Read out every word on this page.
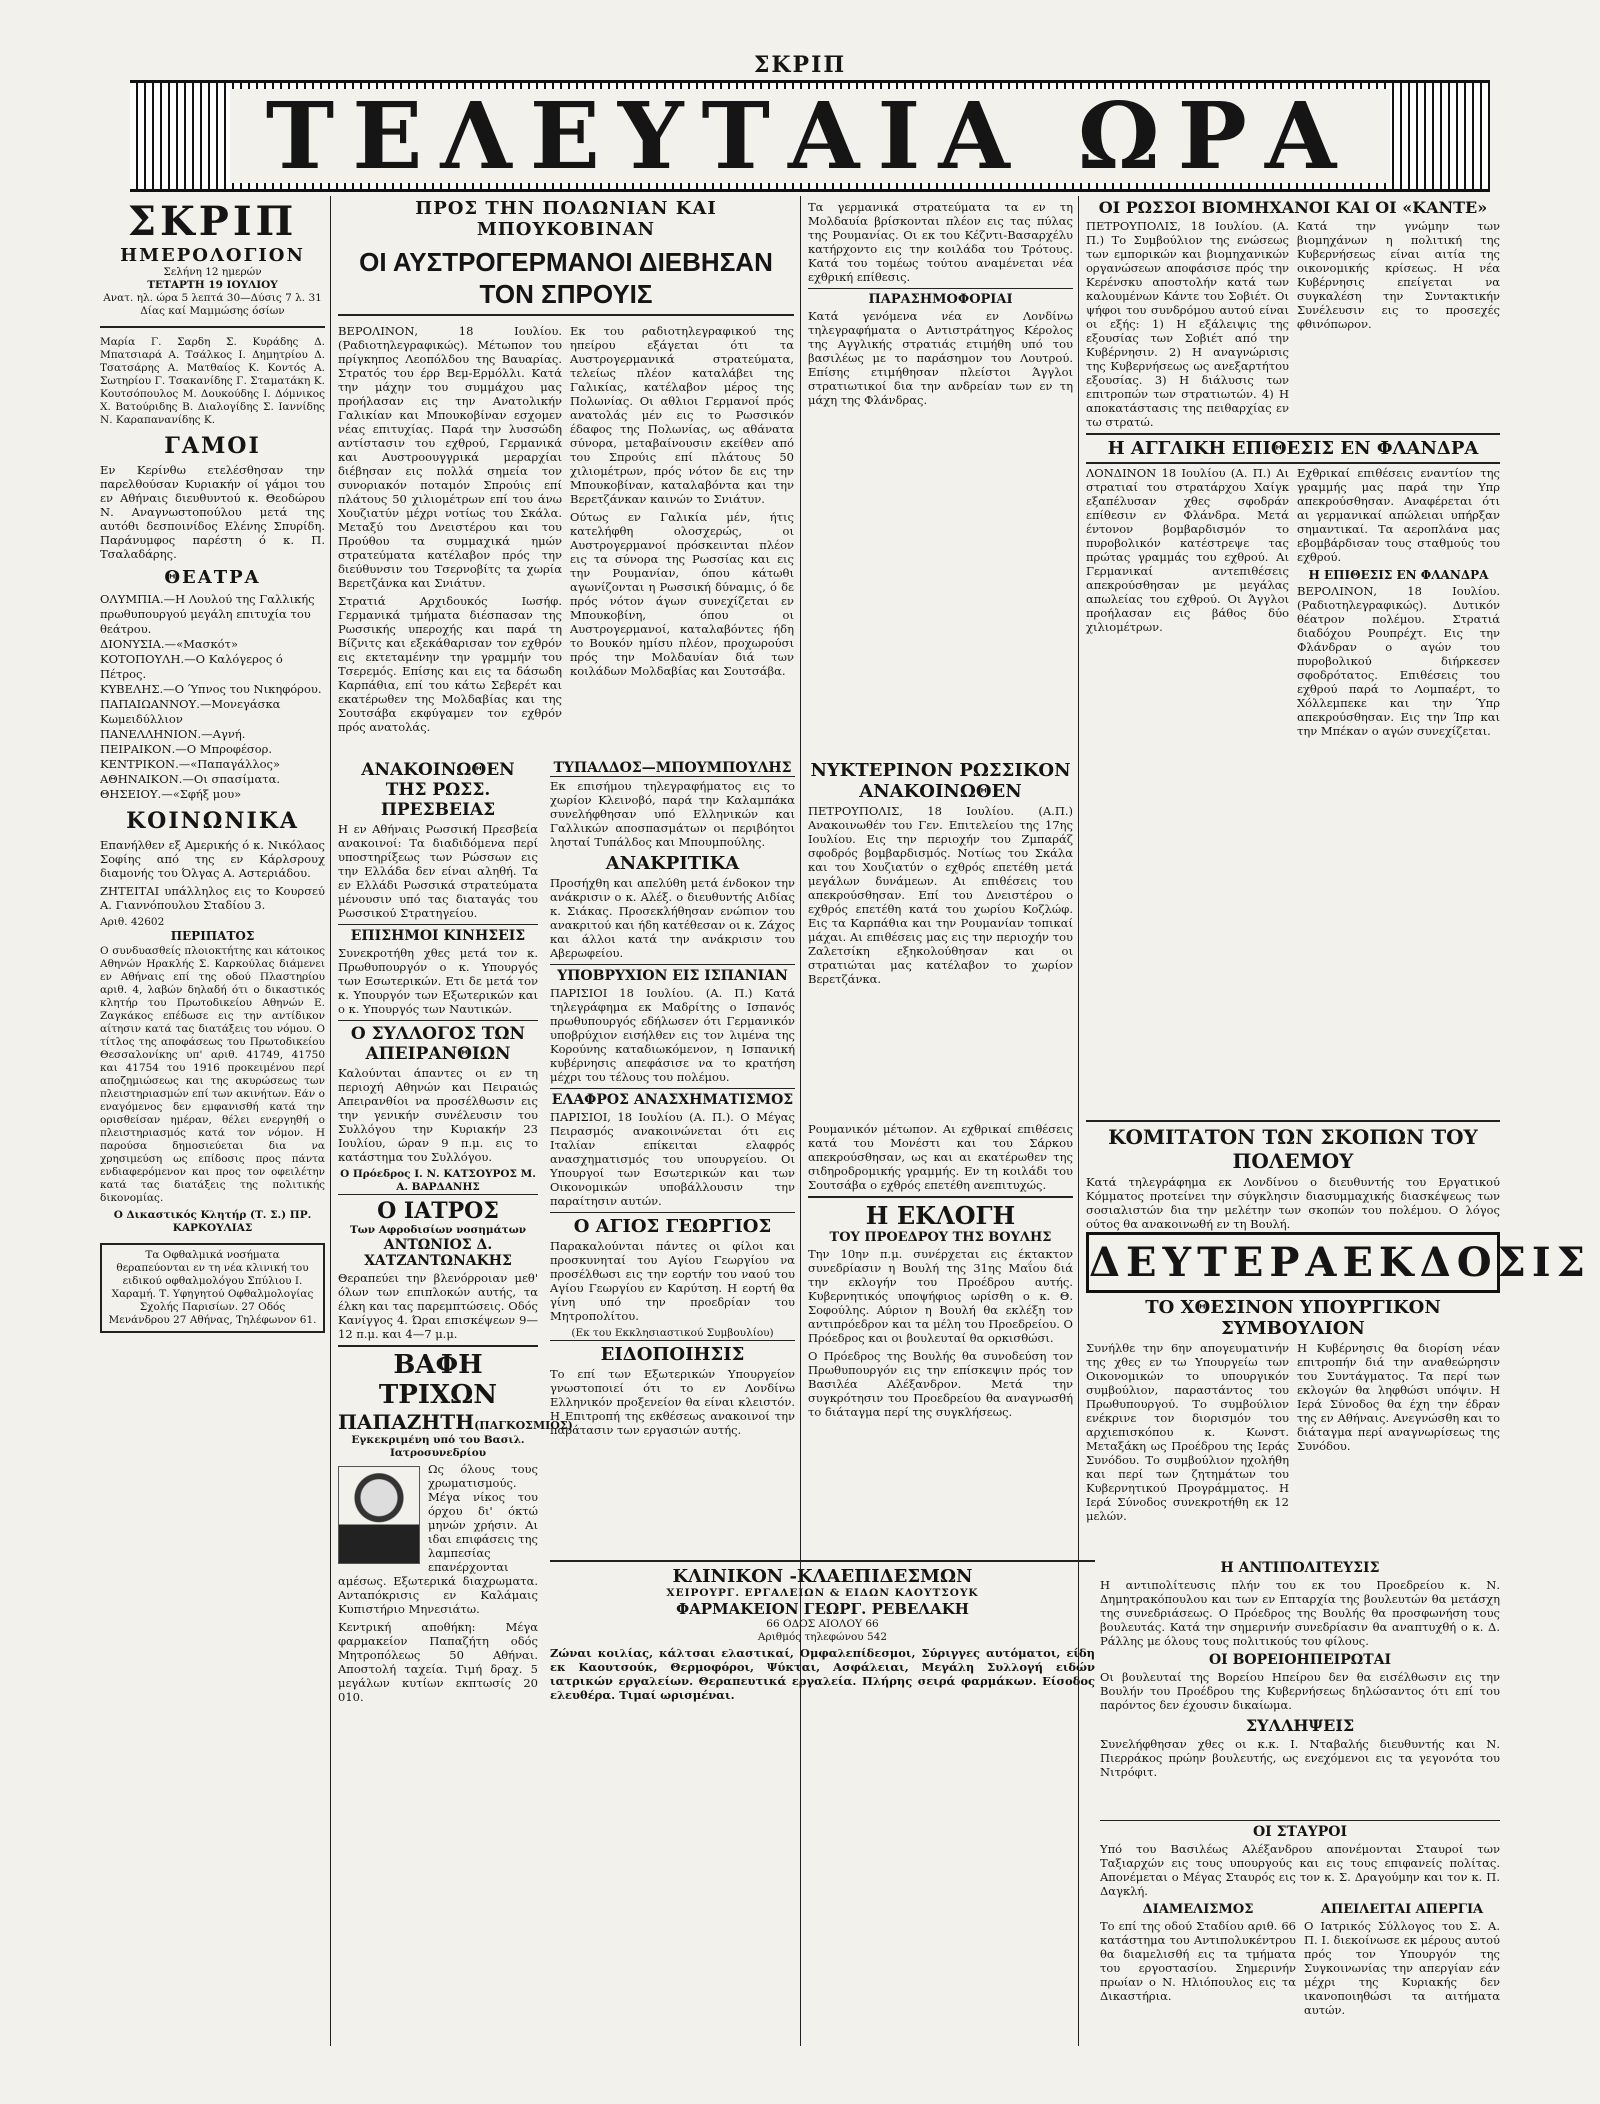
ΣΚΡΙΠ
ΤΕΛΕΥΤΑΙΑ ΩΡΑ
ΣΚΡΙΠ
ΗΜΕΡΟΛΟΓΙΟΝ
Σελήνη 12 ημερών
ΤΕΤΑΡΤΗ 19 ΙΟΥΛΙΟΥ
Ανατ. ηλ. ώρα 5 λεπτά 30—Δύσις 7 λ. 31
Δίας καί Μαμμώσης όσίων
Μαρία Γ. Σαρδη Σ. Κυράδης Δ. Μπατσιαρά Α. Τσάλκος Ι. Δημητρίου Δ. Τσατσάρης Α. Ματθαίος Κ. Κοντός Α. Σωτηρίου Γ. Τσακανίδης Γ. Σταματάκη Κ. Κουτσόπουλος Μ. Δουκούδης Ι. Δόμνικος Χ. Βατούριδης Β. Διαλογίδης Σ. Ιαννίδης Ν. Καραπανανίδης Κ.
ΓΑΜΟΙ
Εν Κερίνθω ετελέσθησαν την παρελθούσαν Κυριακήν οί γάμοι του εν Αθήναις διευθυντού κ. Θεοδώρου Ν. Αναγνωστοπούλου μετά της αυτόθι δεσποινίδος Ελένης Σπυρίδη. Παράνυμφος παρέστη ό κ. Π. Τσαλαδάρης.
ΘΕΑΤΡΑ
ΟΛΥΜΠΙΑ.—Η Λουλού της Γαλλικής πρωθυπουργού μεγάλη επιτυχία του θεάτρου.
ΔΙΟΝΥΣΙΑ.—«Μασκότ»
ΚΟΤΟΠΟΥΛΗ.—Ο Καλόγερος ό Πέτρος.
ΚΥΒΕΛΗΣ.—Ο Ύπνος του Νικηφόρου.
ΠΑΠΑΙΩΑΝΝΟΥ.—Μονεγάσκα Κωμειδύλλιον
ΠΑΝΕΛΛΗΝΙΟΝ.—Αγνή.
ΠΕΙΡΑΙΚΟΝ.—Ο Μπροφέσορ.
ΚΕΝΤΡΙΚΟΝ.—«Παπαγάλλος»
ΑΘΗΝΑΙΚΟΝ.—Οι σπασίματα.
ΘΗΣΕΙΟΥ.—«Σφήξ μου»
ΚΟΙΝΩΝΙΚΑ
Επανήλθεν εξ Αμερικής ό κ. Νικόλαος Σοφίης από της εν Κάρλσρουχ διαμονής του Όλγας Α. Αστεριάδου.
ΖΗΤΕΙΤΑΙ υπάλληλος εις το Κουρσεύ Α. Γιαννόπουλου Σταδίου 3.
Αριθ. 42602
ΠΕΡΙΠΑΤΟΣ
Ο συνδυασθείς πλοιοκτήτης και κάτοικος Αθηνών Ηρακλής Σ. Καρκούλας διάμενει εν Αθήναις επί της οδού Πλαστηρίου αριθ. 4, λαβών δηλαδή ότι ο δικαστικός κλητήρ του Πρωτοδικείου Αθηνών Ε. Ζαγκάκος επέδωσε εις την αντίδικον αίτησιν κατά τας διατάξεις του νόμου. Ο τίτλος της αποφάσεως του Πρωτοδικείου Θεσσαλονίκης υπ' αριθ. 41749, 41750 και 41754 του 1916 προκειμένου περί αποζημιώσεως και της ακυρώσεως των πλειστηριασμών επί των ακινήτων. Εάν ο εναγόμενος δεν εμφανισθή κατά την ορισθείσαν ημέραν, θέλει ενεργηθή ο πλειστηριασμός κατά τον νόμον. Η παρούσα δημοσιεύεται δια να χρησιμεύση ως επίδοσις προς πάντα ενδιαφερόμενον και προς τον οφειλέτην κατά τας διατάξεις της πολιτικής δικονομίας.
Ο Δικαστικός Κλητήρ (Τ. Σ.) ΠΡ. ΚΑΡΚΟΥΛΙΑΣ
Τα Οφθαλμικά νοσήματα θεραπεύονται εν τη νέα κλινική του ειδικού οφθαλμολόγου Σπύλιου Ι. Χαραμή. Τ. Υφηγητού Οφθαλμολογίας Σχολής Παρισίων. 27 Οδός Μενάνδρου 27 Αθήνας, Τηλέφωνον 61.
ΠΡΟΣ ΤΗΝ ΠΟΛΩΝΙΑΝ ΚΑΙ ΜΠΟΥΚΟΒΙΝΑΝ
ΟΙ ΑΥΣΤΡΟΓΕΡΜΑΝΟΙ ΔΙΕΒΗΣΑΝ ΤΟΝ ΣΠΡΟΥΙΣ
ΒΕΡΟΛΙΝΟΝ, 18 Ιουλίου. (Ραδιοτηλεγραφικώς). Μέτωπον του πρίγκηπος Λεοπόλδου της Βαυαρίας. Στρατός του έρρ Βεμ-Ερμόλλι. Κατά την μάχην του συμμάχου μας προήλασαν εις την Ανατολικήν Γαλικίαν και Μπουκοβίναν εσχομεν νέας επιτυχίας. Παρά την λυσσώδη αντίστασιν του εχθρού, Γερμανικά και Αυστροουγγρικά μεραρχίαι διέβησαν εις πολλά σημεία τον συνοριακόν ποταμόν Σπρούις επί πλάτους 50 χιλιομέτρων επί του άνω Χουζιατύν μέχρι νοτίως του Σκάλα. Μεταξύ του Δνειστέρου και του Προύθου τα συμμαχικά ημών στρατεύματα κατέλαβον πρός την διεύθυνσιν του Τσερνοβίτς τα χωρία Βερετζάνκα και Σνιάτυν.
Στρατιά Αρχιδουκός Ιωσήφ. Γερμανικά τμήματα διέσπασαν της Ρωσσικής υπεροχής και παρά τη Βίζνιτς και εξεκάθαρισαν τον εχθρόν εις εκτεταμένην την γραμμήν του Τσερεμός. Επίσης και εις τα δάσωδη Καρπάθια, επί του κάτω Σεβερέτ και εκατέρωθεν της Μολδαβίας και της Σουτσάβα εκφύγαμεν τον εχθρόν πρός ανατολάς.
Εκ του ραδιοτηλεγραφικού της ηπείρου εξάγεται ότι τα Αυστρογερμανικά στρατεύματα, τελείως πλέον καταλάβει της Γαλικίας, κατέλαβον μέρος της Πολωνίας. Οι αθλιοι Γερμανοί πρός ανατολάς μέν εις το Ρωσσικόν έδαφος της Πολωνίας, ως αθάνατα σύνορα, μεταβαίνουσιν εκείθεν από του Σπρούις επί πλάτους 50 χιλιομέτρων, πρός νότον δε εις την Μπουκοβίναν, καταλαβόντα και την Βερετζάνκαν καινών το Σνιάτυν.
Ούτως εν Γαλικία μέν, ήτις κατελήφθη ολοσχερώς, οι Αυστρογερμανοί πρόσκεινται πλέον εις τα σύνορα της Ρωσσίας και εις την Ρουμανίαν, όπου κάτωθι αγωνίζονται η Ρωσσική δύναμις, ό δε πρός νότον άγων συνεχίζεται εν Μπουκοβίνη, όπου οι Αυστρογερμανοί, καταλαβόντες ήδη το Βουκόν ημίσυ πλέον, προχωρούσι πρός την Μολδαυίαν διά των κοιλάδων Μολδαβίας και Σουτσάβα.
ΑΝΑΚΟΙΝΩΘΕΝ ΤΗΣ ΡΩΣΣ. ΠΡΕΣΒΕΙΑΣ
Η εν Αθήναις Ρωσσική Πρεσβεία ανακοινοί: Τα διαδιδόμενα περί υποστηρίξεως των Ρώσσων εις την Ελλάδα δεν είναι αληθή. Τα εν Ελλάδι Ρωσσικά στρατεύματα μένουσιν υπό τας διαταγάς του Ρωσσικού Στρατηγείου.
ΕΠΙΣΗΜΟΙ ΚΙΝΗΣΕΙΣ
Συνεκροτήθη χθες μετά τον κ. Πρωθυπουργόν ο κ. Υπουργός των Εσωτερικών. Ετι δε μετά τον κ. Υπουργόν των Εξωτερικών και ο κ. Υπουργός των Ναυτικών.
Ο ΣΥΛΛΟΓΟΣ ΤΩΝ ΑΠΕΙΡΑΝΘΙΩΝ
Καλούνται άπαντες οι εν τη περιοχή Αθηνών και Πειραιώς Απειρανθίοι να προσέλθωσιν εις την γενικήν συνέλευσιν του Συλλόγου την Κυριακήν 23 Ιουλίου, ώραν 9 π.μ. εις το κατάστημα του Συλλόγου.
Ο Πρόεδρος Ι. Ν. ΚΑΤΣΟΥΡΟΣ Μ. Α. ΒΑΡΔΑΝΗΣ
Ο ΙΑΤΡΟΣ
Των Αφροδισίων νοσημάτων
ΑΝΤΩΝΙΟΣ Δ. ΧΑΤΖΑΝΤΩΝΑΚΗΣ
Θεραπεύει την βλενόρροιαν μεθ' όλων των επιπλοκών αυτής, τα έλκη και τας παρεμπτώσεις. Οδός Κανίγγος 4. Ώραι επισκέψεων 9—12 π.μ. και 4—7 μ.μ.
ΒΑΦΗ ΤΡΙΧΩΝ
ΠΑΠΑΖΗΤΗ(ΠΑΓΚΟΣΜΙΟΣ)
Εγκεκριμένη υπό του Βασιλ. Ιατροσυνεδρίου
Ως όλους τους χρωματισμούς. Μέγα νίκος του όρχου δι' όκτώ μηνών χρήσιν. Αι ιδαι επιφάσεις της λαμπεσίας επανέρχονται αμέσως. Εξωτερικά διαχρωματα. Ανταπόκρισις εν Καλάμαις Κυπιστήριο Μηνεσιάτω.
Κεντρική αποθήκη: Μέγα φαρμακείον Παπαζήτη οδός Μητροπόλεως 50 Αθήναι. Αποστολή ταχεία. Τιμή δραχ. 5 μεγάλων κυτίων εκπτωσίς 20 010.
ΤΥΠΑΛΔΟΣ—ΜΠΟΥΜΠΟΥΛΗΣ
Εκ επισήμου τηλεγραφήματος εις το χωρίον Κλεινοβό, παρά την Καλαμπάκα συνελήφθησαν υπό Ελληνικών και Γαλλικών αποσπασμάτων οι περιβόητοι λησταί Τυπάλδος και Μπουμπούλης.
ΑΝΑΚΡΙΤΙΚΑ
Προσήχθη και απελύθη μετά ένδοκον την ανάκρισιν ο κ. Αλέξ. ο διευθυντής Αιδίας κ. Σιάκας. Προσεκλήθησαν ενώπιον του ανακριτού και ήδη κατέθεσαν οι κ. Ζάχος και άλλοι κατά την ανάκρισιν του Αβερωφείου.
ΥΠΟΒΡΥΧΙΟΝ ΕΙΣ ΙΣΠΑΝΙΑΝ
ΠΑΡΙΣΙΟΙ 18 Ιουλίου. (Α. Π.) Κατά τηλεγράφημα εκ Μαδρίτης ο Ισπανός πρωθυπουργός εδήλωσεν ότι Γερμανικόν υποβρύχιον εισήλθεν εις τον λιμένα της Κορούνης καταδιωκόμενον, η Ισπανική κυβέρνησις απεφάσισε να το κρατήση μέχρι του τέλους του πολέμου.
ΕΛΑΦΡΟΣ ΑΝΑΣΧΗΜΑΤΙΣΜΟΣ
ΠΑΡΙΣΙΟΙ, 18 Ιουλίου (Α. Π.). Ο Μέγας Πειρασμός ανακοινώνεται ότι εις Ιταλίαν επίκειται ελαφρός ανασχηματισμός του υπουργείου. Οι Υπουργοί των Εσωτερικών και των Οικονομικών υποβάλλουσιν την παραίτησιν αυτών.
Ο ΑΓΙΟΣ ΓΕΩΡΓΙΟΣ
Παρακαλούνται πάντες οι φίλοι και προσκυνηταί του Αγίου Γεωργίου να προσέλθωσι εις την εορτήν του ναού του Αγίου Γεωργίου εν Καρύτση. Η εορτή θα γίνη υπό την προεδρίαν του Μητροπολίτου.
(Εκ του Εκκλησιαστικού Συμβουλίου)
ΕΙΔΟΠΟΙΗΣΙΣ
Το επί των Εξωτερικών Υπουργείον γνωστοποιεί ότι το εν Λονδίνω Ελληνικόν προξενείον θα είναι κλειστόν. Η Επιτροπή της εκθέσεως ανακοινοί την παράτασιν των εργασιών αυτής.
ΚΛΙΝΙΚΟΝ -ΚΛΑΕΠΙΔΕΣΜΩΝ
ΧΕΙΡΟΥΡΓ. ΕΡΓΑΛΕΙΩΝ & ΕΙΔΩΝ ΚΑΟΥΤΣΟΥΚ
ΦΑΡΜΑΚΕΙΟΝ ΓΕΩΡΓ. ΡΕΒΕΛΑΚΗ
66 ΟΔΟΣ ΑΙΟΛΟΥ 66
Αριθμός τηλεφώνου 542
Ζώναι κοιλίας, κάλτσαι ελαστικαί, Ομφαλεπίδεσμοι, Σύριγγες αυτόματοι, είδη εκ Καουτσούκ, Θερμοφόροι, Ψύκται, Ασφάλειαι, Μεγάλη Συλλογή ειδών ιατρικών εργαλείων. Θεραπευτικά εργαλεία. Πλήρης σειρά φαρμάκων. Είσοδος ελευθέρα. Τιμαί ωρισμέναι.
Τα γερμανικά στρατεύματα τα εν τη Μολδαυία βρίσκονται πλέον εις τας πύλας της Ρουμανίας. Οι εκ του Κέζντι-Βασαρχέλυ κατήρχοντο εις την κοιλάδα του Τρότους. Κατά του τομέως τούτου αναμένεται νέα εχθρική επίθεσις.
ΠΑΡΑΣΗΜΟΦΟΡΙΑΙ
Κατά γενόμενα νέα εν Λονδίνω τηλεγραφήματα ο Αντιστράτηγος Κέρολος της Αγγλικής στρατιάς ετιμήθη υπό του βασιλέως με το παράσημον του Λουτρού. Επίσης ετιμήθησαν πλείστοι Άγγλοι στρατιωτικοί δια την ανδρείαν των εν τη μάχη της Φλάνδρας.
ΝΥΚΤΕΡΙΝΟΝ ΡΩΣΣΙΚΟΝ ΑΝΑΚΟΙΝΩΘΕΝ
ΠΕΤΡΟΥΠΟΛΙΣ, 18 Ιουλίου. (Α.Π.) Ανακοινωθέν του Γεν. Επιτελείου της 17ης Ιουλίου. Εις την περιοχήν του Ζμπαράζ σφοδρός βομβαρδισμός. Νοτίως του Σκάλα και του Χουζιατύν ο εχθρός επετέθη μετά μεγάλων δυνάμεων. Αι επιθέσεις του απεκρούσθησαν. Επί του Δνειστέρου ο εχθρός επετέθη κατά του χωρίου Κοζλώφ. Εις τα Καρπάθια και την Ρουμανίαν τοπικαί μάχαι. Αι επιθέσεις μας εις την περιοχήν του Ζαλετσίκη εξηκολούθησαν και οι στρατιώται μας κατέλαβον το χωρίον Βερετζάνκα.
Ρουμανικόν μέτωπον. Αι εχθρικαί επιθέσεις κατά του Μονέστι και του Σάρκου απεκρούσθησαν, ως και αι εκατέρωθεν της σιδηροδρομικής γραμμής. Εν τη κοιλάδι του Σουτσάβα ο εχθρός επετέθη ανεπιτυχώς.
Η ΕΚΛΟΓΗ
ΤΟΥ ΠΡΟΕΔΡΟΥ ΤΗΣ ΒΟΥΛΗΣ
Την 10ην π.μ. συνέρχεται εις έκτακτον συνεδρίασιν η Βουλή της 31ης Μαΐου διά την εκλογήν του Προέδρου αυτής. Κυβερνητικός υποψήφιος ωρίσθη ο κ. Θ. Σοφούλης. Αύριον η Βουλή θα εκλέξη τον αντιπρόεδρον και τα μέλη του Προεδρείου. Ο Πρόεδρος και οι βουλευταί θα ορκισθώσι.
Ο Πρόεδρος της Βουλής θα συνοδεύση τον Πρωθυπουργόν εις την επίσκεψιν πρός τον Βασιλέα Αλέξανδρον. Μετά την συγκρότησιν του Προεδρείου θα αναγνωσθή το διάταγμα περί της συγκλήσεως.
ΟΙ ΡΩΣΣΟΙ ΒΙΟΜΗΧΑΝΟΙ ΚΑΙ ΟΙ «ΚΑΝΤΕ»
ΠΕΤΡΟΥΠΟΛΙΣ, 18 Ιουλίου. (Α. Π.) Το Συμβούλιον της ενώσεως των εμπορικών και βιομηχανικών οργανώσεων αποφάσισε πρός την Κερένσκυ αποστολήν κατά των καλουμένων Κάντε του Σοβιέτ. Οι ψήφοι του συνδρόμου αυτού είναι οι εξής: 1) Η εξάλειψις της εξουσίας των Σοβιέτ από την Κυβέρνησιν. 2) Η αναγνώρισις της Κυβερνήσεως ως ανεξαρτήτου εξουσίας. 3) Η διάλυσις των επιτροπών των στρατιωτών. 4) Η αποκατάστασις της πειθαρχίας εν τω στρατώ.
Κατά την γνώμην των βιομηχάνων η πολιτική της Κυβερνήσεως είναι αιτία της οικονομικής κρίσεως. Η νέα Κυβέρνησις επείγεται να συγκαλέση την Συντακτικήν Συνέλευσιν εις το προσεχές φθινόπωρον.
Η ΑΓΓΛΙΚΗ ΕΠΙΘΕΣΙΣ ΕΝ ΦΛΑΝΔΡΑ
ΛΟΝΔΙΝΟΝ 18 Ιουλίου (Α. Π.) Αι στρατιαί του στρατάρχου Χαίγκ εξαπέλυσαν χθες σφοδράν επίθεσιν εν Φλάνδρα. Μετά έντονον βομβαρδισμόν το πυροβολικόν κατέστρεψε τας πρώτας γραμμάς του εχθρού. Αι Γερμανικαί αντεπιθέσεις απεκρούσθησαν με μεγάλας απωλείας του εχθρού. Οι Άγγλοι προήλασαν εις βάθος δύο χιλιομέτρων.
Εχθρικαί επιθέσεις εναντίον της γραμμής μας παρά την Υπρ απεκρούσθησαν. Αναφέρεται ότι αι γερμανικαί απώλειαι υπήρξαν σημαντικαί. Τα αεροπλάνα μας εβομβάρδισαν τους σταθμούς του εχθρού.
Η ΕΠΙΘΕΣΙΣ ΕΝ ΦΛΑΝΔΡΑ
ΒΕΡΟΛΙΝΟΝ, 18 Ιουλίου. (Ραδιοτηλεγραφικώς). Δυτικόν θέατρον πολέμου. Στρατιά διαδόχου Ρουπρέχτ. Εις την Φλάνδραν ο αγών του πυροβολικού διήρκεσεν σφοδρότατος. Επιθέσεις του εχθρού παρά το Λομπαέρτ, το Χόλλεμπεκε και την Ύπρ απεκρούσθησαν. Εις την Ίπρ και την Μπέκαν ο αγών συνεχίζεται.
ΚΟΜΙΤΑΤΟΝ ΤΩΝ ΣΚΟΠΩΝ ΤΟΥ ΠΟΛΕΜΟΥ
Κατά τηλεγράφημα εκ Λονδίνου ο διευθυντής του Εργατικού Κόμματος προτείνει την σύγκλησιν διασυμμαχικής διασκέψεως των σοσιαλιστών δια την μελέτην των σκοπών του πολέμου. Ο λόγος ούτος θα ανακοινωθή εν τη Βουλή.
ΔΕΥΤΕΡΑΕΚΔΟΣΙΣ
ΤΟ ΧΘΕΣΙΝΟΝ ΥΠΟΥΡΓΙΚΟΝ ΣΥΜΒΟΥΛΙΟΝ
Συνήλθε την 6ην απογευματινήν της χθες εν τω Υπουργείω των Οικονομικών το υπουργικόν συμβούλιον, παραστάντος του Πρωθυπουργού. Το συμβούλιον ενέκρινε τον διορισμόν του αρχιεπισκόπου κ. Κωνστ. Μεταξάκη ως Προέδρου της Ιεράς Συνόδου. Το συμβούλιον ηχολήθη και περί των ζητημάτων του Κυβερνητικού Προγράμματος. Η Ιερά Σύνοδος συνεκροτήθη εκ 12 μελών.
Η Κυβέρνησις θα διορίση νέαν επιτροπήν διά την αναθεώρησιν του Συντάγματος. Τα περί των εκλογών θα ληφθώσι υπόψιν. Η Ιερά Σύνοδος θα έχη την έδραν της εν Αθήναις. Ανεγνώσθη και το διάταγμα περί αναγνωρίσεως της Συνόδου.
Η ΑΝΤΙΠΟΛΙΤΕΥΣΙΣ
Η αντιπολίτευσις πλήν του εκ του Προεδρείου κ. Ν. Δημητρακόπουλου και των εν Επταρχία της βουλευτών θα μετάσχη της συνεδριάσεως. Ο Πρόεδρος της Βουλής θα προσφωνήση τους βουλευτάς. Κατά την σημερινήν συνεδρίασιν θα αναπτυχθή ο κ. Δ. Ράλλης με όλους τους πολιτικούς του φίλους.
ΟΙ ΒΟΡΕΙΟΗΠΕΙΡΩΤΑΙ
Οι βουλευταί της Βορείου Ηπείρου δεν θα εισέλθωσιν εις την Βουλήν του Προέδρου της Κυβερνήσεως δηλώσαντος ότι επί του παρόντος δεν έχουσιν δικαίωμα.
ΣΥΛΛΗΨΕΙΣ
Συνελήφθησαν χθες οι κ.κ. Ι. Νταβαλής διευθυντής και Ν. Πιερράκος πρώην βουλευτής, ως ενεχόμενοι εις τα γεγονότα του Νιτρόφιτ.
ΟΙ ΣΤΑΥΡΟΙ
Υπό του Βασιλέως Αλέξανδρου απονέμονται Σταυροί των Ταξιαρχών εις τους υπουργούς και εις τους επιφανείς πολίτας. Απονέμεται ο Μέγας Σταυρός εις τον κ. Σ. Δραγούμην και τον κ. Π. Δαγκλή.
ΔΙΑΜΕΛΙΣΜΟΣ
Το επί της οδού Σταδίου αριθ. 66 κατάστημα του Αντιπολυκέντρου θα διαμελισθή εις τα τμήματα του εργοστασίου. Σημερινήν πρωίαν ο Ν. Ηλιόπουλος εις τα Δικαστήρια.
ΑΠΕΙΛΕΙΤΑΙ ΑΠΕΡΓΙΑ
Ο Ιατρικός Σύλλογος του Σ. Α. Π. Ι. διεκοίνωσε εκ μέρους αυτού πρός τον Υπουργόν της Συγκοινωνίας την απεργίαν εάν μέχρι της Κυριακής δεν ικανοποιηθώσι τα αιτήματα αυτών.
